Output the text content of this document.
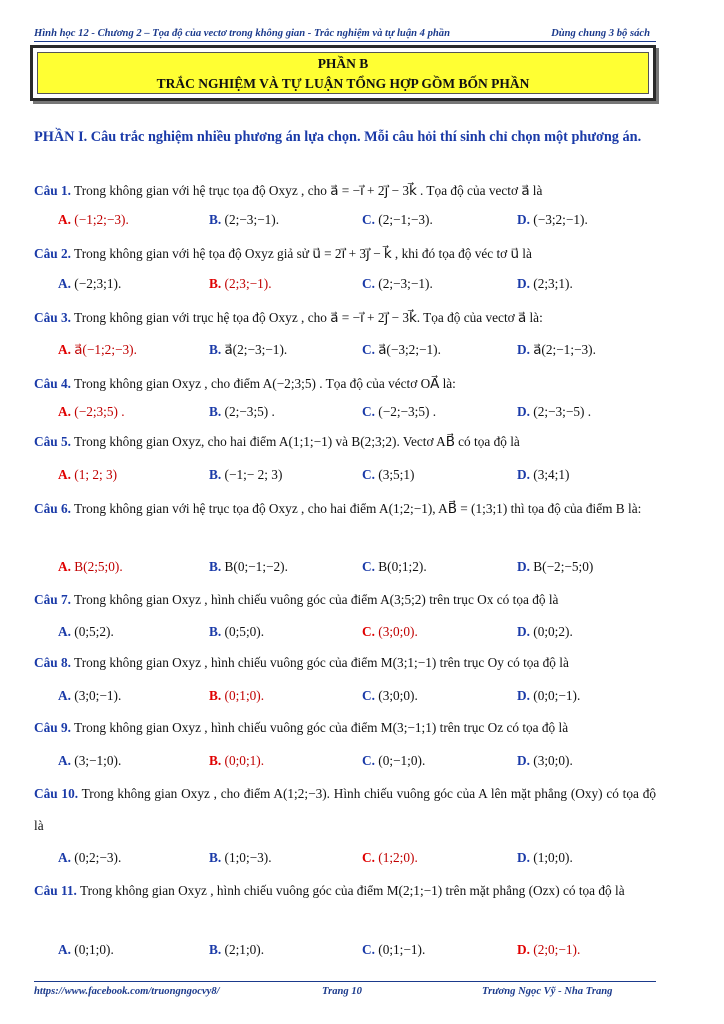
Hình học 12 - Chương 2 – Tọa độ của vectơ trong không gian - Trắc nghiệm và tự luận 4 phần	Dùng chung 3 bộ sách
PHẦN B
TRẮC NGHIỆM VÀ TỰ LUẬN TỔNG HỢP GỒM BỐN PHẦN
PHẦN I. Câu trắc nghiệm nhiều phương án lựa chọn. Mỗi câu hỏi thí sinh chỉ chọn một phương án.
Câu 1. Trong không gian với hệ trục tọa độ Oxyz , cho a⃗ = −i⃗ + 2j⃗ − 3k⃗ . Tọa độ của vectơ a⃗ là
A. (−1;2;−3).	B. (2;−3;−1).	C. (2;−1;−3).	D. (−3;2;−1).
Câu 2. Trong không gian với hệ tọa độ Oxyz giả sử u⃗ = 2i⃗ + 3j⃗ − k⃗ , khi đó tọa độ véc tơ u⃗ là
A. (−2;3;1).	B. (2;3;−1).	C. (2;−3;−1).	D. (2;3;1).
Câu 3. Trong không gian với trục hệ tọa độ Oxyz , cho a⃗ = −i⃗ + 2j⃗ − 3k⃗. Tọa độ của vectơ a⃗ là:
A. a⃗(−1;2;−3).	B. a⃗(2;−3;−1).	C. a⃗(−3;2;−1).	D. a⃗(2;−1;−3).
Câu 4. Trong không gian Oxyz , cho điểm A(−2;3;5) . Tọa độ của véctơ OA⃗ là:
A. (−2;3;5) .	B. (2;−3;5) .	C. (−2;−3;5) .	D. (2;−3;−5) .
Câu 5. Trong không gian Oxyz, cho hai điểm A(1;1;−1) và B(2;3;2). Vectơ AB⃗ có tọa độ là
A. (1; 2; 3)	B. (−1;− 2; 3)	C. (3;5;1)	D. (3;4;1)
Câu 6. Trong không gian với hệ trục tọa độ Oxyz , cho hai điểm A(1;2;−1), AB⃗ = (1;3;1) thì tọa độ của điểm B là:
A. B(2;5;0).	B. B(0;−1;−2).	C. B(0;1;2).	D. B(−2;−5;0)
Câu 7. Trong không gian Oxyz , hình chiếu vuông góc của điểm A(3;5;2) trên trục Ox có tọa độ là
A. (0;5;2).	B. (0;5;0).	C. (3;0;0).	D. (0;0;2).
Câu 8. Trong không gian Oxyz , hình chiếu vuông góc của điểm M(3;1;−1) trên trục Oy có tọa độ là
A. (3;0;−1).	B. (0;1;0).	C. (3;0;0).	D. (0;0;−1).
Câu 9. Trong không gian Oxyz , hình chiếu vuông góc của điểm M(3;−1;1) trên trục Oz có tọa độ là
A. (3;−1;0).	B. (0;0;1).	C. (0;−1;0).	D. (3;0;0).
Câu 10. Trong không gian Oxyz , cho điểm A(1;2;−3). Hình chiếu vuông góc của A lên mặt phẳng (Oxy) có tọa độ là
A. (0;2;−3).	B. (1;0;−3).	C. (1;2;0).	D. (1;0;0).
Câu 11. Trong không gian Oxyz , hình chiếu vuông góc của điểm M(2;1;−1) trên mặt phẳng (Ozx) có tọa độ là
A. (0;1;0).	B. (2;1;0).	C. (0;1;−1).	D. (2;0;−1).
https://www.facebook.com/truongngocvy8/	Trang 10	Trương Ngọc Vỹ - Nha Trang
